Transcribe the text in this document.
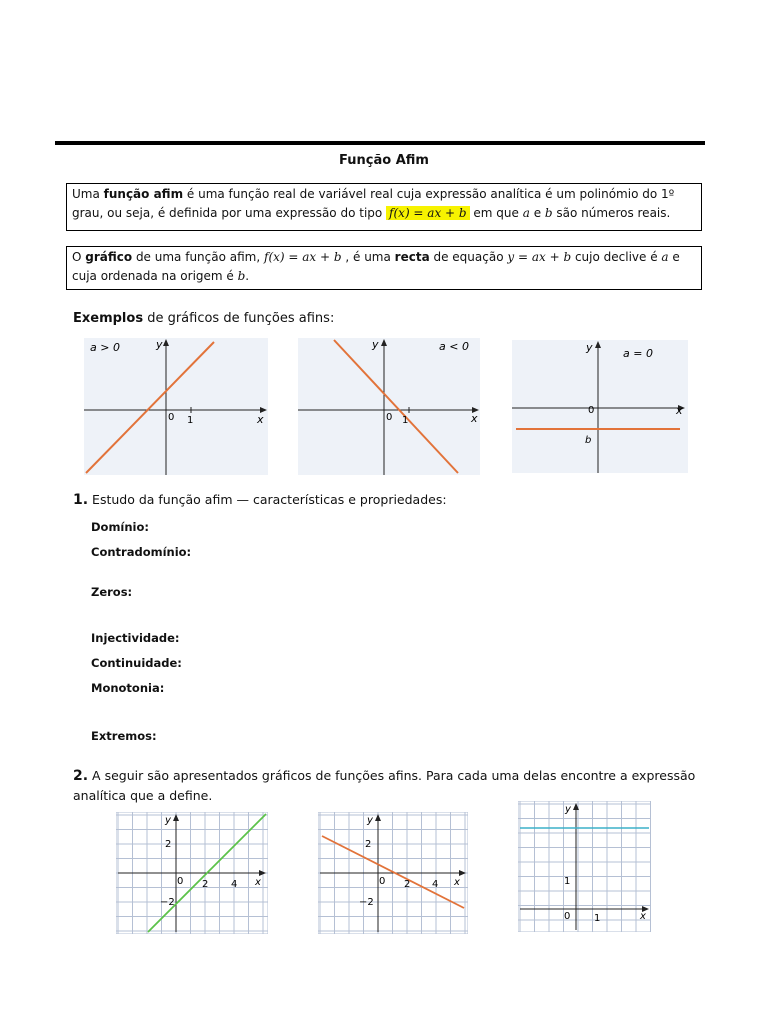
Função Afim
Uma função afim é uma função real de variável real cuja expressão analítica é um polinómio do 1º grau, ou seja, é definida por uma expressão do tipo f(x) = ax + b em que a e b são números reais.
O gráfico de uma função afim, f(x) = ax + b , é uma recta de equação y = ax + b cujo declive é a e cuja ordenada na origem é b.
Exemplos de gráficos de funções afins:
a > 0	y
x
0 1
a < 0
y
x
0 1
a = 0
y
x
0
b
1. Estudo da função afim — características e propriedades:
Domínio:
Contradomínio:
Zeros:
Injectividade:
Continuidade:
Monotonia:
Extremos:
2. A seguir são apresentados gráficos de funções afins. Para cada uma delas encontre a expressão analítica que a define.
y
x
2
0 2 4
−2
y
x
2
0 2 4
−2
y
x
1
0 1
